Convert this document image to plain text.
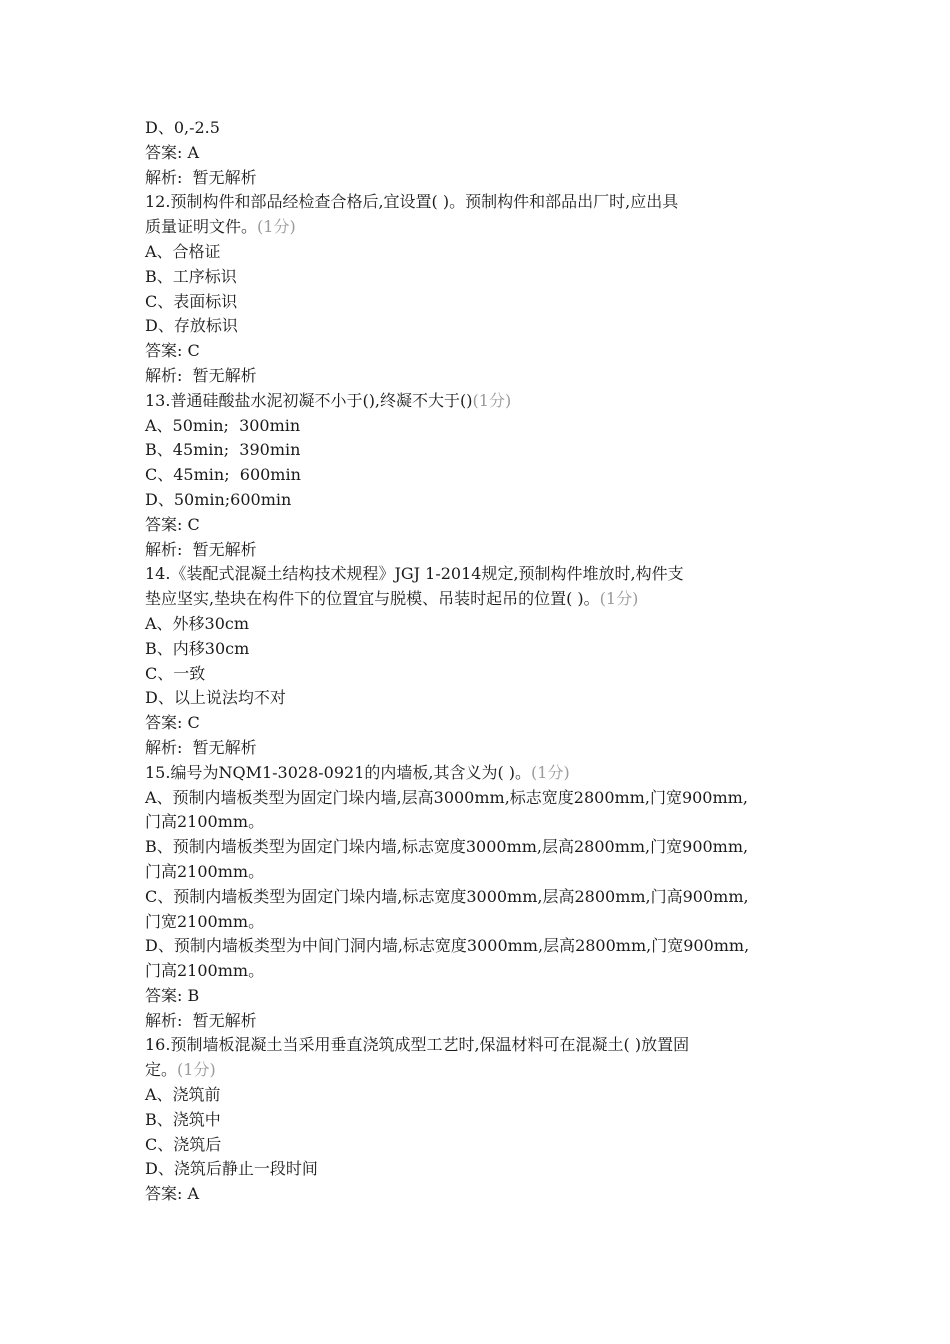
D、0,-2.5
答案: A
解析:  暂无解析
12.预制构件和部品经检查合格后,宜设置( )。预制构件和部品出厂时,应出具
质量证明文件。(1分)
A、合格证
B、工序标识
C、表面标识
D、存放标识
答案: C
解析:  暂无解析
13.普通硅酸盐水泥初凝不小于(),终凝不大于()(1分)
A、50min;  300min
B、45min;  390min
C、45min;  600min
D、50min;600min
答案: C
解析:  暂无解析
14.《装配式混凝土结构技术规程》JGJ 1-2014规定,预制构件堆放时,构件支
垫应坚实,垫块在构件下的位置宜与脱模、吊装时起吊的位置( )。(1分)
A、外移30cm
B、内移30cm
C、一致
D、以上说法均不对
答案: C
解析:  暂无解析
15.编号为NQM1-3028-0921的内墙板,其含义为( )。(1分)
A、预制内墙板类型为固定门垛内墙,层高3000mm,标志宽度2800mm,门宽900mm,
门高2100mm。
B、预制内墙板类型为固定门垛内墙,标志宽度3000mm,层高2800mm,门宽900mm,
门高2100mm。
C、预制内墙板类型为固定门垛内墙,标志宽度3000mm,层高2800mm,门高900mm,
门宽2100mm。
D、预制内墙板类型为中间门洞内墙,标志宽度3000mm,层高2800mm,门宽900mm,
门高2100mm。
答案: B
解析:  暂无解析
16.预制墙板混凝土当采用垂直浇筑成型工艺时,保温材料可在混凝土( )放置固
定。(1分)
A、浇筑前
B、浇筑中
C、浇筑后
D、浇筑后静止一段时间
答案: A
